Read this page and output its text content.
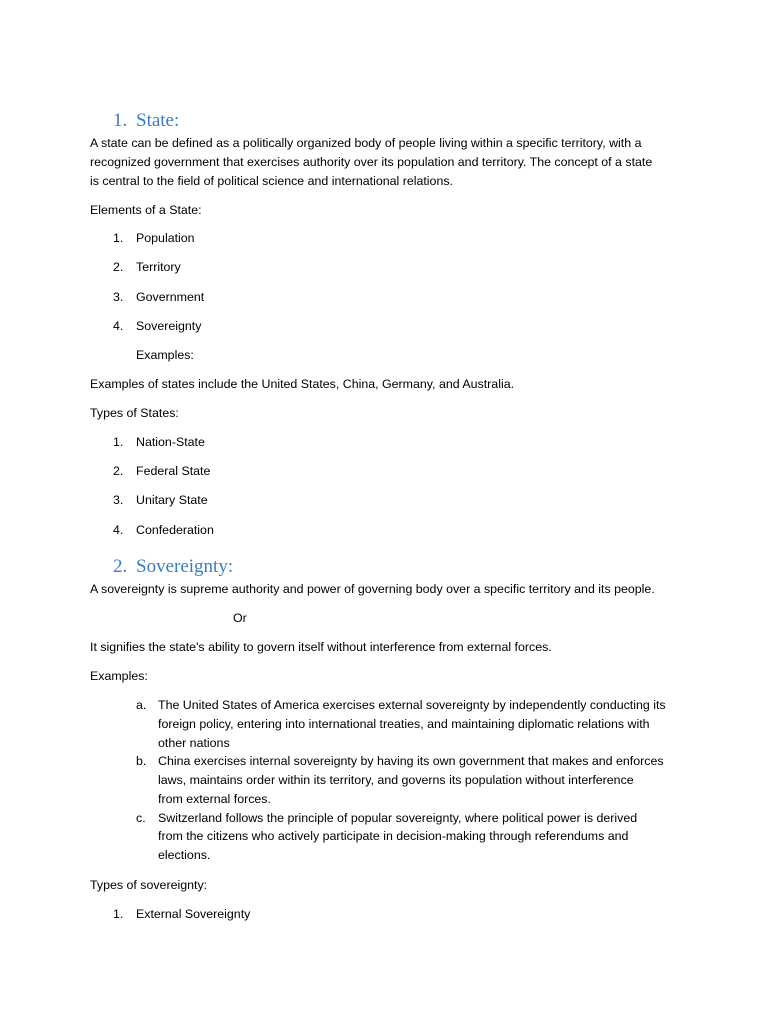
1. State:
A state can be defined as a politically organized body of people living within a specific territory, with a
recognized government that exercises authority over its population and territory. The concept of a state
is central to the field of political science and international relations.
Elements of a State:
1. Population
2. Territory
3. Government
4. Sovereignty
Examples:
Examples of states include the United States, China, Germany, and Australia.
Types of States:
1. Nation-State
2. Federal State
3. Unitary State
4. Confederation
2. Sovereignty:
A sovereignty is supreme authority and power of governing body over a specific territory and its people.
Or
It signifies the state's ability to govern itself without interference from external forces.
Examples:
a. The United States of America exercises external sovereignty by independently conducting its
foreign policy, entering into international treaties, and maintaining diplomatic relations with
other nations
b. China exercises internal sovereignty by having its own government that makes and enforces
laws, maintains order within its territory, and governs its population without interference
from external forces.
c. Switzerland follows the principle of popular sovereignty, where political power is derived
from the citizens who actively participate in decision-making through referendums and
elections.
Types of sovereignty:
1. External Sovereignty
